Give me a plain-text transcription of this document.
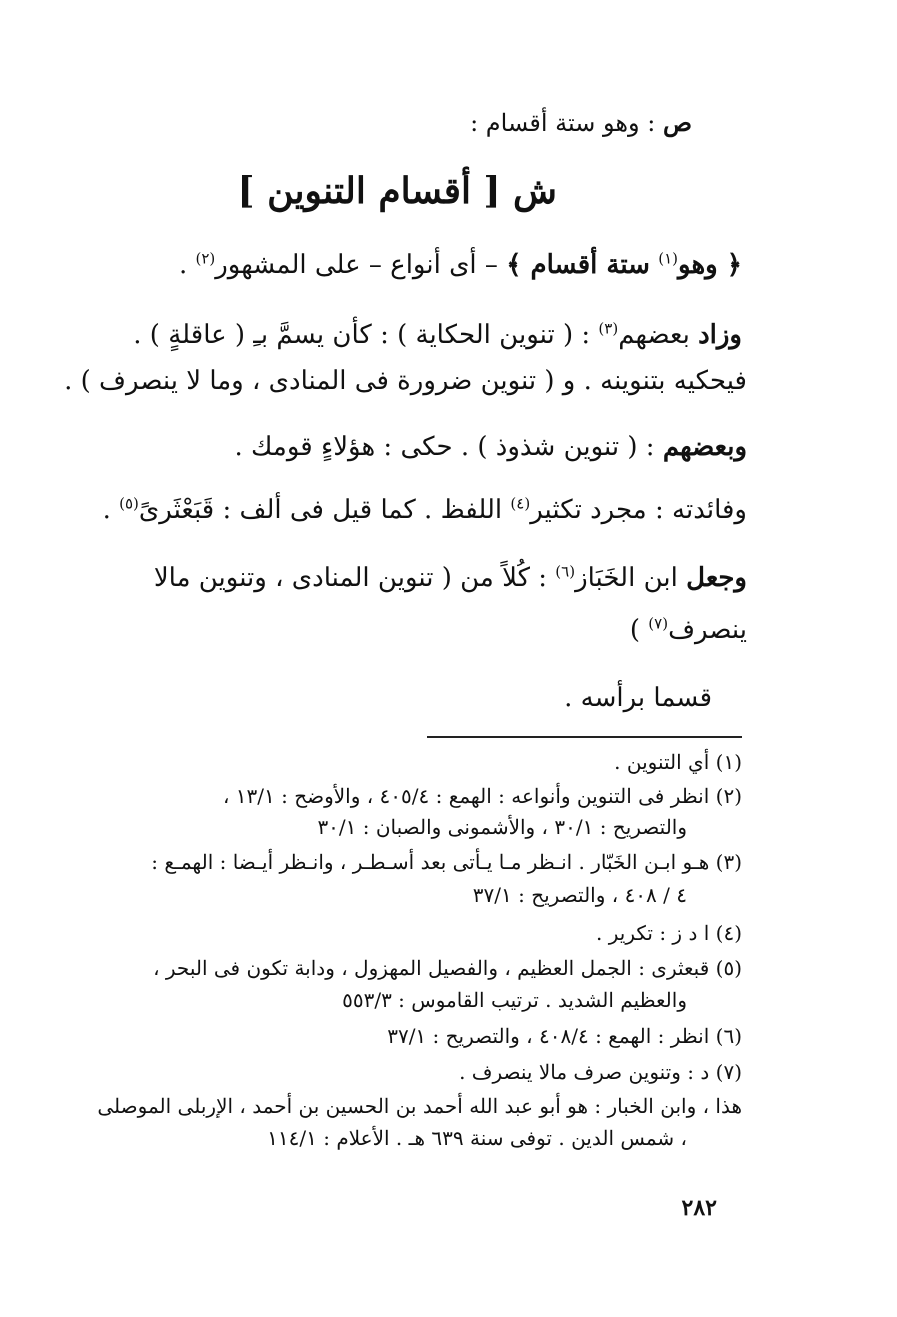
ص : وهو ستة أقسام :
ش [ أقسام التنوين ]
﴿ وهو$^{(١)}$ ستة أقسام ﴾ – أى أنواع – على المشهور$^{(٢)}$ .
وزاد بعضهم$^{(٣)}$ : ( تنوين الحكاية ) : كأن يسمَّ بـِ ( عاقلةٍ ) .
فيحكيه بتنوينه . و ( تنوين ضرورة فى المنادى ، وما لا ينصرف ) .
وبعضهم : ( تنوين شذوذ ) . حكى : هؤلاءٍ قومك .
وفائدته : مجرد تكثير$^{(٤)}$ اللفظ . كما قيل فى ألف : قَبَعْثَرىً$^{(٥)}$ .
وجعل ابن الخَبَاز$^{(٦)}$ : كُلاً من ( تنوين المنادى ، وتنوين مالا
ينصرف$^{(٧)}$ )
قسما برأسه .
(١) أي التنوين .
(٢) انظر فى التنوين وأنواعه : الهمع : ٤٠٥/٤ ، والأوضح : ١٣/١ ،
والتصريح : ٣٠/١ ، والأشمونى والصبان : ٣٠/١
(٣) هـو ابـن الخَبّار . انـظر مـا يـأتى بعد أسـطـر ، وانـظر أيـضا : الهمـع :
٤ / ٤٠٨ ، والتصريح : ٣٧/١
(٤) ا د ز : تكرير .
(٥) قبعثرى : الجمل العظيم ، والفصيل المهزول ، ودابة تكون فى البحر ،
والعظيم الشديد . ترتيب القاموس : ٥٥٣/٣
(٦) انظر : الهمع : ٤٠٨/٤ ، والتصريح : ٣٧/١
(٧) د : وتنوين صرف مالا ينصرف .
هذا ، وابن الخبار : هو أبو عبد الله أحمد بن الحسين بن أحمد ، الإربلى الموصلى
، شمس الدين . توفى سنة ٦٣٩ هـ . الأعلام : ١١٤/١
٢٨٢
